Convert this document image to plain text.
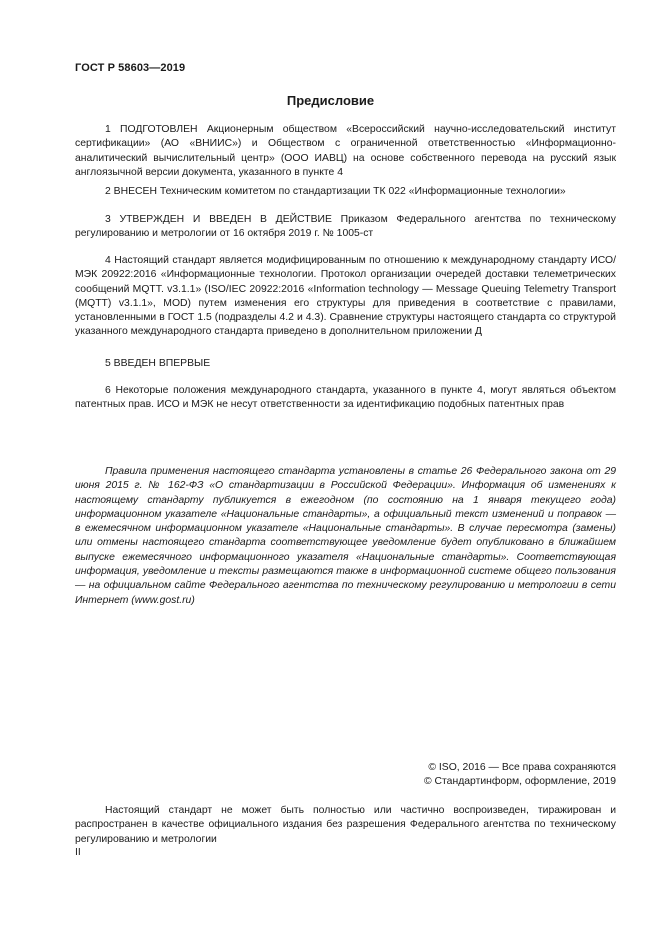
ГОСТ Р 58603—2019
Предисловие

1 ПОДГОТОВЛЕН Акционерным обществом «Всероссийский научно-исследовательский институт сертификации» (АО «ВНИИС») и Обществом с ограниченной ответственностью «Информационно-аналитический вычислительный центр» (ООО ИАВЦ) на основе собственного перевода на русский язык англоязычной версии документа, указанного в пункте 4

2 ВНЕСЕН Техническим комитетом по стандартизации ТК 022 «Информационные технологии»

3 УТВЕРЖДЕН И ВВЕДЕН В ДЕЙСТВИЕ Приказом Федерального агентства по техническому регулированию и метрологии от 16 октября 2019 г. № 1005-ст

4 Настоящий стандарт является модифицированным по отношению к международному стандарту ИСО/МЭК 20922:2016 «Информационные технологии. Протокол организации очередей доставки телеметрических сообщений MQTT. v3.1.1» (ISO/IEC 20922:2016 «Information technology — Message Queuing Telemetry Transport (MQTT) v3.1.1», MOD) путем изменения его структуры для приведения в соответствие с правилами, установленными в ГОСТ 1.5 (подразделы 4.2 и 4.3). Сравнение структуры настоящего стандарта со структурой указанного международного стандарта приведено в дополнительном приложении Д

5 ВВЕДЕН ВПЕРВЫЕ

6 Некоторые положения международного стандарта, указанного в пункте 4, могут являться объектом патентных прав. ИСО и МЭК не несут ответственности за идентификацию подобных патентных прав

Правила применения настоящего стандарта установлены в статье 26 Федерального закона от 29 июня 2015 г. № 162-ФЗ «О стандартизации в Российской Федерации». Информация об изменениях к настоящему стандарту публикуется в ежегодном (по состоянию на 1 января текущего года) информационном указателе «Национальные стандарты», а официальный текст изменений и поправок — в ежемесячном информационном указателе «Национальные стандарты». В случае пересмотра (замены) или отмены настоящего стандарта соответствующее уведомление будет опубликовано в ближайшем выпуске ежемесячного информационного указателя «Национальные стандарты». Соответствующая информация, уведомление и тексты размещаются также в информационной системе общего пользования — на официальном сайте Федерального агентства по техническому регулированию и метрологии в сети Интернет (www.gost.ru)

© ISO, 2016 — Все права сохраняются

© Стандартинформ, оформление, 2019

Настоящий стандарт не может быть полностью или частично воспроизведен, тиражирован и распространен в качестве официального издания без разрешения Федерального агентства по техническому регулированию и метрологии

II
